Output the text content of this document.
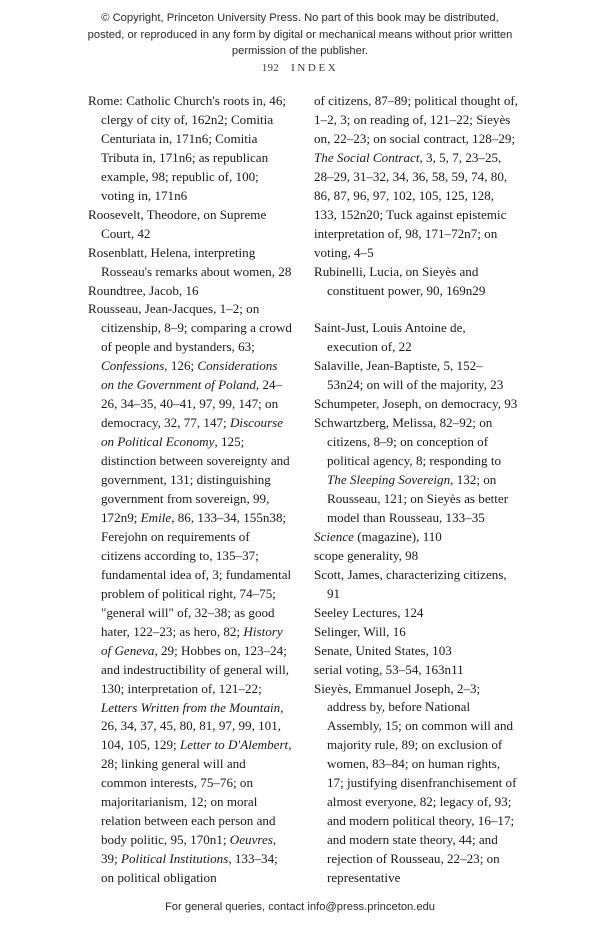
© Copyright, Princeton University Press. No part of this book may be distributed, posted, or reproduced in any form by digital or mechanical means without prior written permission of the publisher.
192 INDEX

Rome: Catholic Church's roots in, 46; clergy of city of, 162n2; Comitia Centuriata in, 171n6; Comitia Tributa in, 171n6; as republican example, 98; republic of, 100; voting in, 171n6

Roosevelt, Theodore, on Supreme Court, 42

Rosenblatt, Helena, interpreting Rosseau's remarks about women, 28

Roundtree, Jacob, 16

Rousseau, Jean-Jacques, 1–2; on citizenship, 8–9; comparing a crowd of people and bystanders, 63; Confessions, 126; Considerations on the Government of Poland, 24–26, 34–35, 40–41, 97, 99, 147; on democracy, 32, 77, 147; Discourse on Political Economy, 125; distinction between sovereignty and government, 131; distinguishing government from sovereign, 99, 172n9; Emile, 86, 133–34, 155n38; Ferejohn on requirements of citizens according to, 135–37; fundamental idea of, 3; fundamental problem of political right, 74–75; "general will" of, 32–38; as good hater, 122–23; as hero, 82; History of Geneva, 29; Hobbes on, 123–24; and indestructibility of general will, 130; interpretation of, 121–22; Letters Written from the Mountain, 26, 34, 37, 45, 80, 81, 97, 99, 101, 104, 105, 129; Letter to D'Alembert, 28; linking general will and common interests, 75–76; on majoritarianism, 12; on moral relation between each person and body politic, 95, 170n1; Oeuvres, 39; Political Institutions, 133–34; on political obligation

of citizens, 87–89; political thought of, 1–2, 3; on reading of, 121–22; Sieyès on, 22–23; on social contract, 128–29; The Social Contract, 3, 5, 7, 23–25, 28–29, 31–32, 34, 36, 58, 59, 74, 80, 86, 87, 96, 97, 102, 105, 125, 128, 133, 152n20; Tuck against epistemic interpretation of, 98, 171–72n7; on voting, 4–5

Rubinelli, Lucia, on Sieyès and constituent power, 90, 169n29

Saint-Just, Louis Antoine de, execution of, 22

Salaville, Jean-Baptiste, 5, 152–53n24; on will of the majority, 23

Schumpeter, Joseph, on democracy, 93

Schwartzberg, Melissa, 82–92; on citizens, 8–9; on conception of political agency, 8; responding to The Sleeping Sovereign, 132; on Rousseau, 121; on Sieyès as better model than Rousseau, 133–35

Science (magazine), 110

scope generality, 98

Scott, James, characterizing citizens, 91

Seeley Lectures, 124

Selinger, Will, 16

Senate, United States, 103

serial voting, 53–54, 163n11

Sieyès, Emmanuel Joseph, 2–3; address by, before National Assembly, 15; on common will and majority rule, 89; on exclusion of women, 83–84; on human rights, 17; justifying disenfranchisement of almost everyone, 82; legacy of, 93; and modern political theory, 16–17; and modern state theory, 44; and rejection of Rousseau, 22–23; on representative

For general queries, contact info@press.princeton.edu
